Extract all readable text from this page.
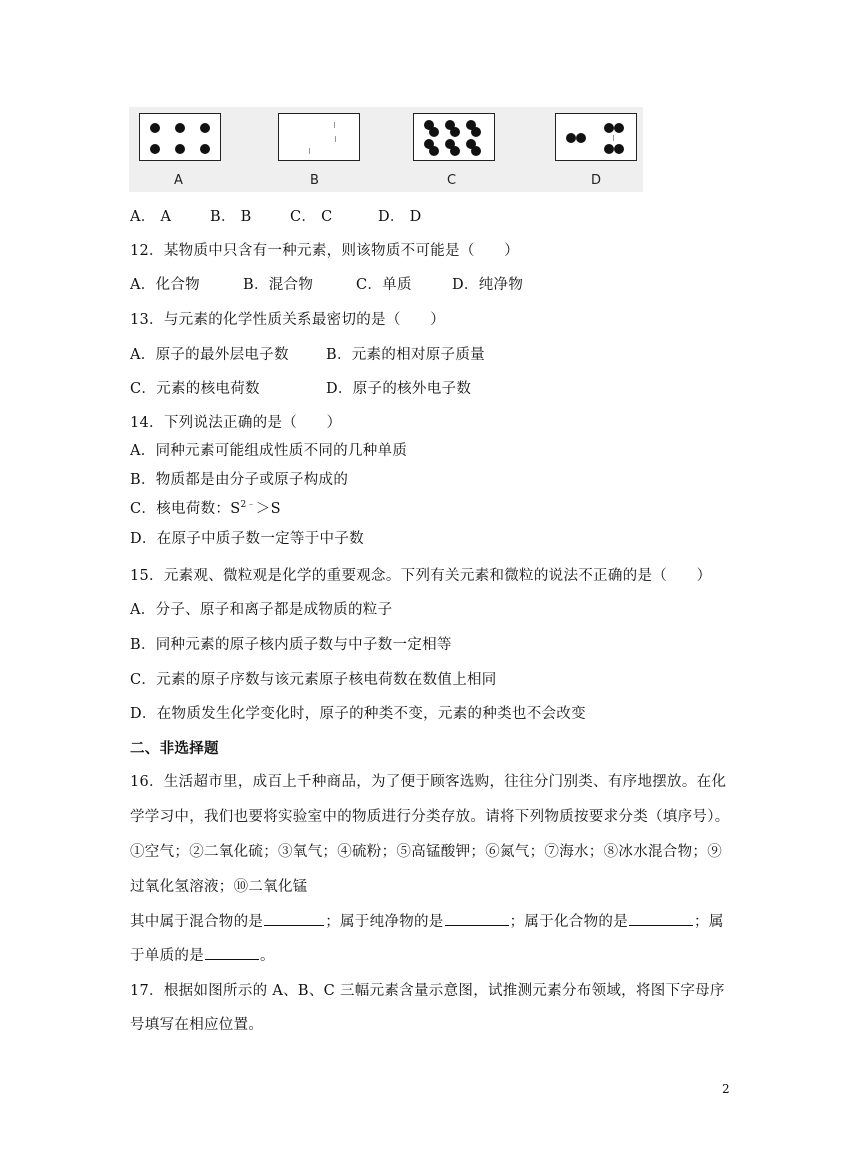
A	B	C	D
A． A	B． B	C． C	D． D
12．某物质中只含有一种元素，则该物质不可能是（　　）
A．化合物	B．混合物	C．单质	D．纯净物
13．与元素的化学性质关系最密切的是（　　）
A．原子的最外层电子数	B．元素的相对原子质量
C．元素的核电荷数	D．原子的核外电子数
14．下列说法正确的是（　　）
A．同种元素可能组成性质不同的几种单质
B．物质都是由分子或原子构成的
C．核电荷数：$S^{2﹣}>S$
D．在原子中质子数一定等于中子数
15．元素观、微粒观是化学的重要观念。下列有关元素和微粒的说法不正确的是（　　）
A．分子、原子和离子都是成物质的粒子
B．同种元素的原子核内质子数与中子数一定相等
C．元素的原子序数与该元素原子核电荷数在数值上相同
D．在物质发生化学变化时，原子的种类不变，元素的种类也不会改变
二、非选择题
16．生活超市里，成百上千种商品，为了便于顾客选购，往往分门别类、有序地摆放。在化
学学习中，我们也要将实验室中的物质进行分类存放。请将下列物质按要求分类（填序号）。
①空气；②二氧化硫；③氧气；④硫粉；⑤高锰酸钾；⑥氮气；⑦海水；⑧冰水混合物；⑨
过氧化氢溶液；⑩二氧化锰
其中属于混合物的是	；属于纯净物的是	；属于化合物的是	；属
于单质的是	。
17．根据如图所示的 A、B、C 三幅元素含量示意图，试推测元素分布领域，将图下字母序
号填写在相应位置。
2
